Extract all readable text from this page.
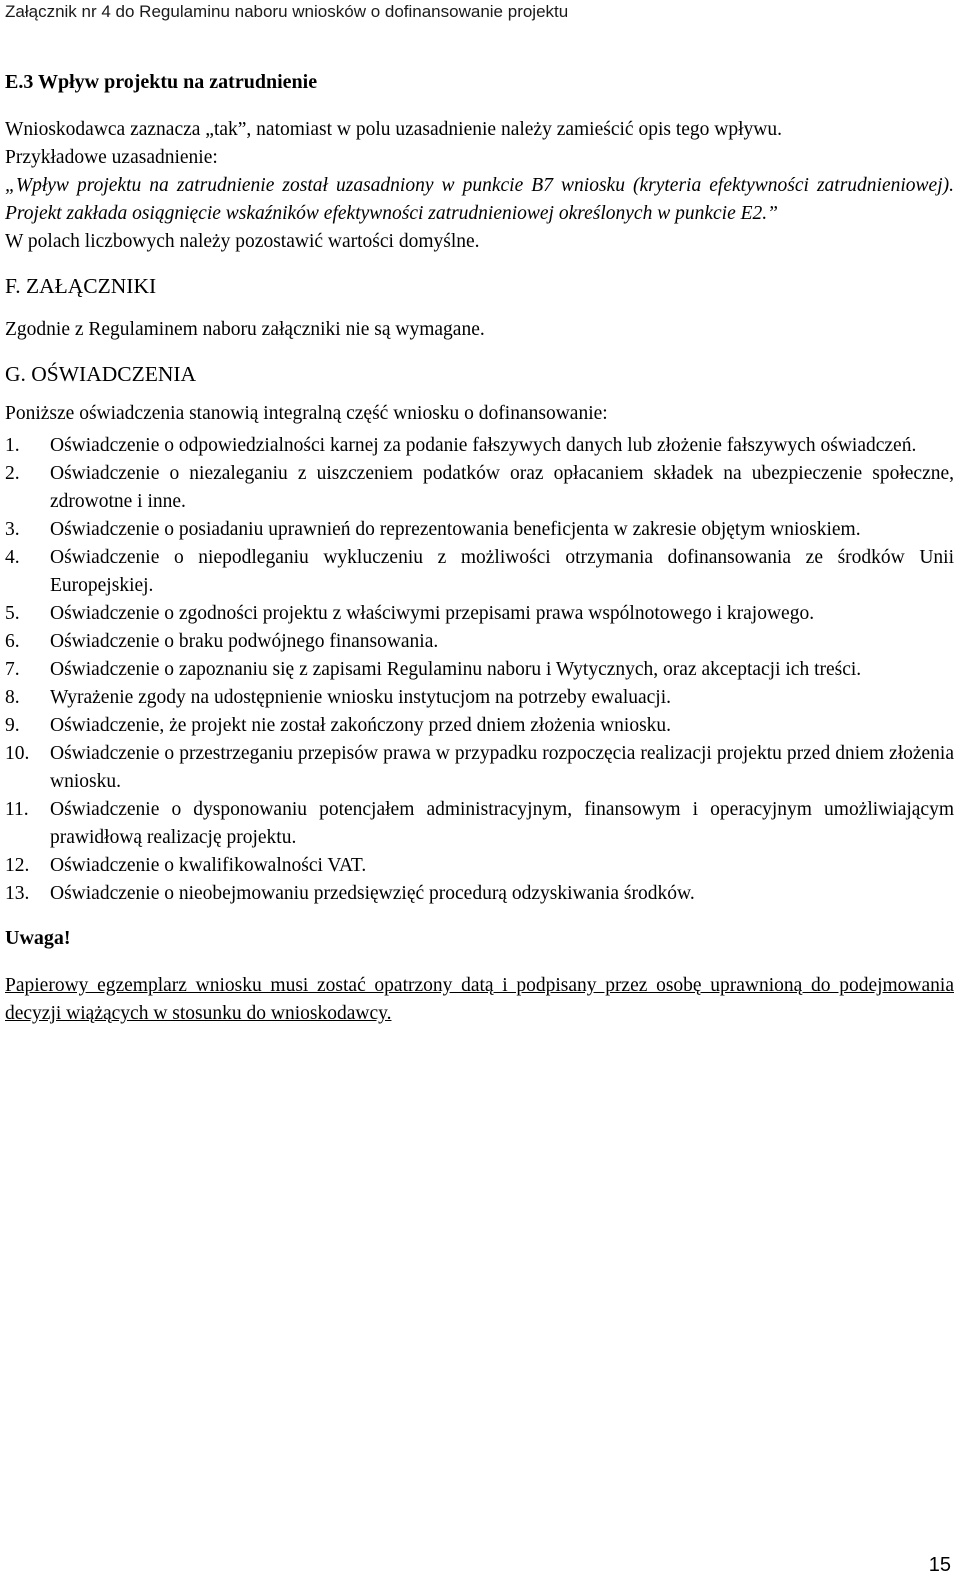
Załącznik nr 4 do Regulaminu naboru wniosków o dofinansowanie projektu

E.3 Wpływ projektu na zatrudnienie

Wnioskodawca zaznacza „tak”, natomiast w polu uzasadnienie należy zamieścić opis tego wpływu.

Przykładowe uzasadnienie:

„Wpływ projektu na zatrudnienie został uzasadniony w punkcie B7 wniosku (kryteria efektywności zatrudnieniowej). Projekt zakłada osiągnięcie wskaźników efektywności zatrudnieniowej określonych w punkcie E2.”

W polach liczbowych należy pozostawić wartości domyślne.

F. ZAŁĄCZNIKI

Zgodnie z Regulaminem naboru załączniki nie są wymagane.

G. OŚWIADCZENIA

Poniższe oświadczenia stanowią integralną część wniosku o dofinansowanie:

1.	Oświadczenie o odpowiedzialności karnej za podanie fałszywych danych lub złożenie fałszywych oświadczeń.
2.	Oświadczenie o niezaleganiu z uiszczeniem podatków oraz opłacaniem składek na ubezpieczenie społeczne, zdrowotne i inne.
3.	Oświadczenie o posiadaniu uprawnień do reprezentowania beneficjenta w zakresie objętym wnioskiem.
4.	Oświadczenie o niepodleganiu wykluczeniu z możliwości otrzymania dofinansowania ze środków Unii Europejskiej.
5.	Oświadczenie o zgodności projektu z właściwymi przepisami prawa wspólnotowego i krajowego.
6.	Oświadczenie o braku podwójnego finansowania.
7.	Oświadczenie o zapoznaniu się z zapisami Regulaminu naboru i Wytycznych, oraz akceptacji ich treści.
8.	Wyrażenie zgody na udostępnienie wniosku instytucjom na potrzeby ewaluacji.
9.	Oświadczenie, że projekt nie został zakończony przed dniem złożenia wniosku.
10.	Oświadczenie o przestrzeganiu przepisów prawa w przypadku rozpoczęcia realizacji projektu przed dniem złożenia wniosku.
11.	Oświadczenie o dysponowaniu potencjałem administracyjnym, finansowym i operacyjnym umożliwiającym prawidłową realizację projektu.
12.	Oświadczenie o kwalifikowalności VAT.
13.	Oświadczenie o nieobejmowaniu przedsięwzięć procedurą odzyskiwania środków.

Uwaga!

Papierowy egzemplarz wniosku musi zostać opatrzony datą i podpisany przez osobę uprawnioną do podejmowania decyzji wiążących w stosunku do wnioskodawcy.

15
